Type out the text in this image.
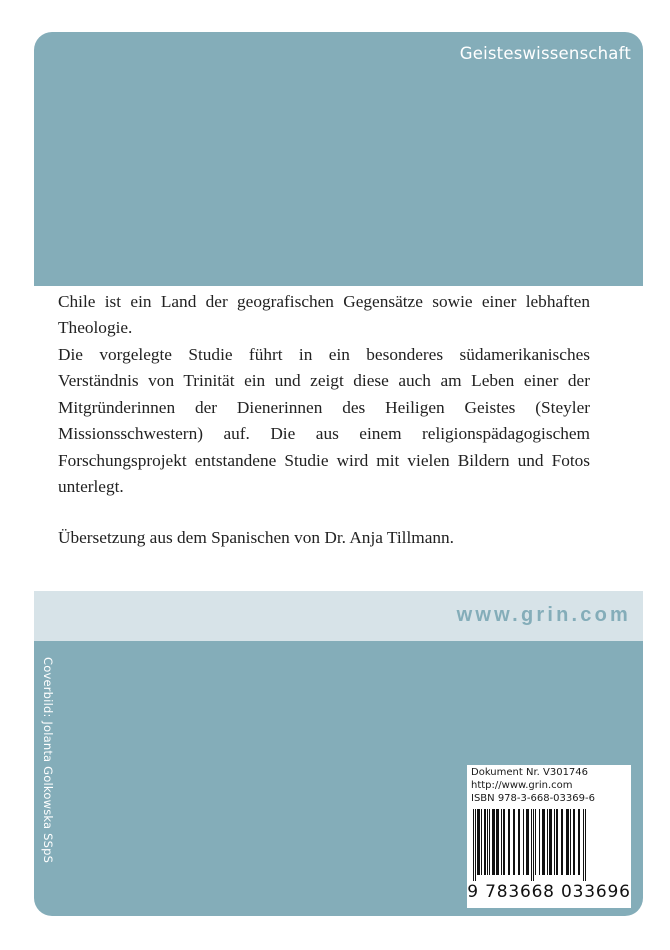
Geisteswissenschaft

Chile ist ein Land der geografischen Gegensätze sowie einer lebhaften Theologie.

Die vorgelegte Studie führt in ein besonderes südamerikanisches Verständnis von Trinität ein und zeigt diese auch am Leben einer der Mitgründerinnen der Dienerinnen des Heiligen Geistes (Steyler Missionsschwestern) auf. Die aus einem religionspädagogischem Forschungsprojekt entstandene Studie wird mit vielen Bildern und Fotos unterlegt.

Übersetzung aus dem Spanischen von Dr. Anja Tillmann.

www.grin.com
Coverbild: Jolanta Golkowska SSpS	Dokument Nr. V301746
http://www.grin.com
ISBN 978-3-668-03369-6
9 783668 033696
